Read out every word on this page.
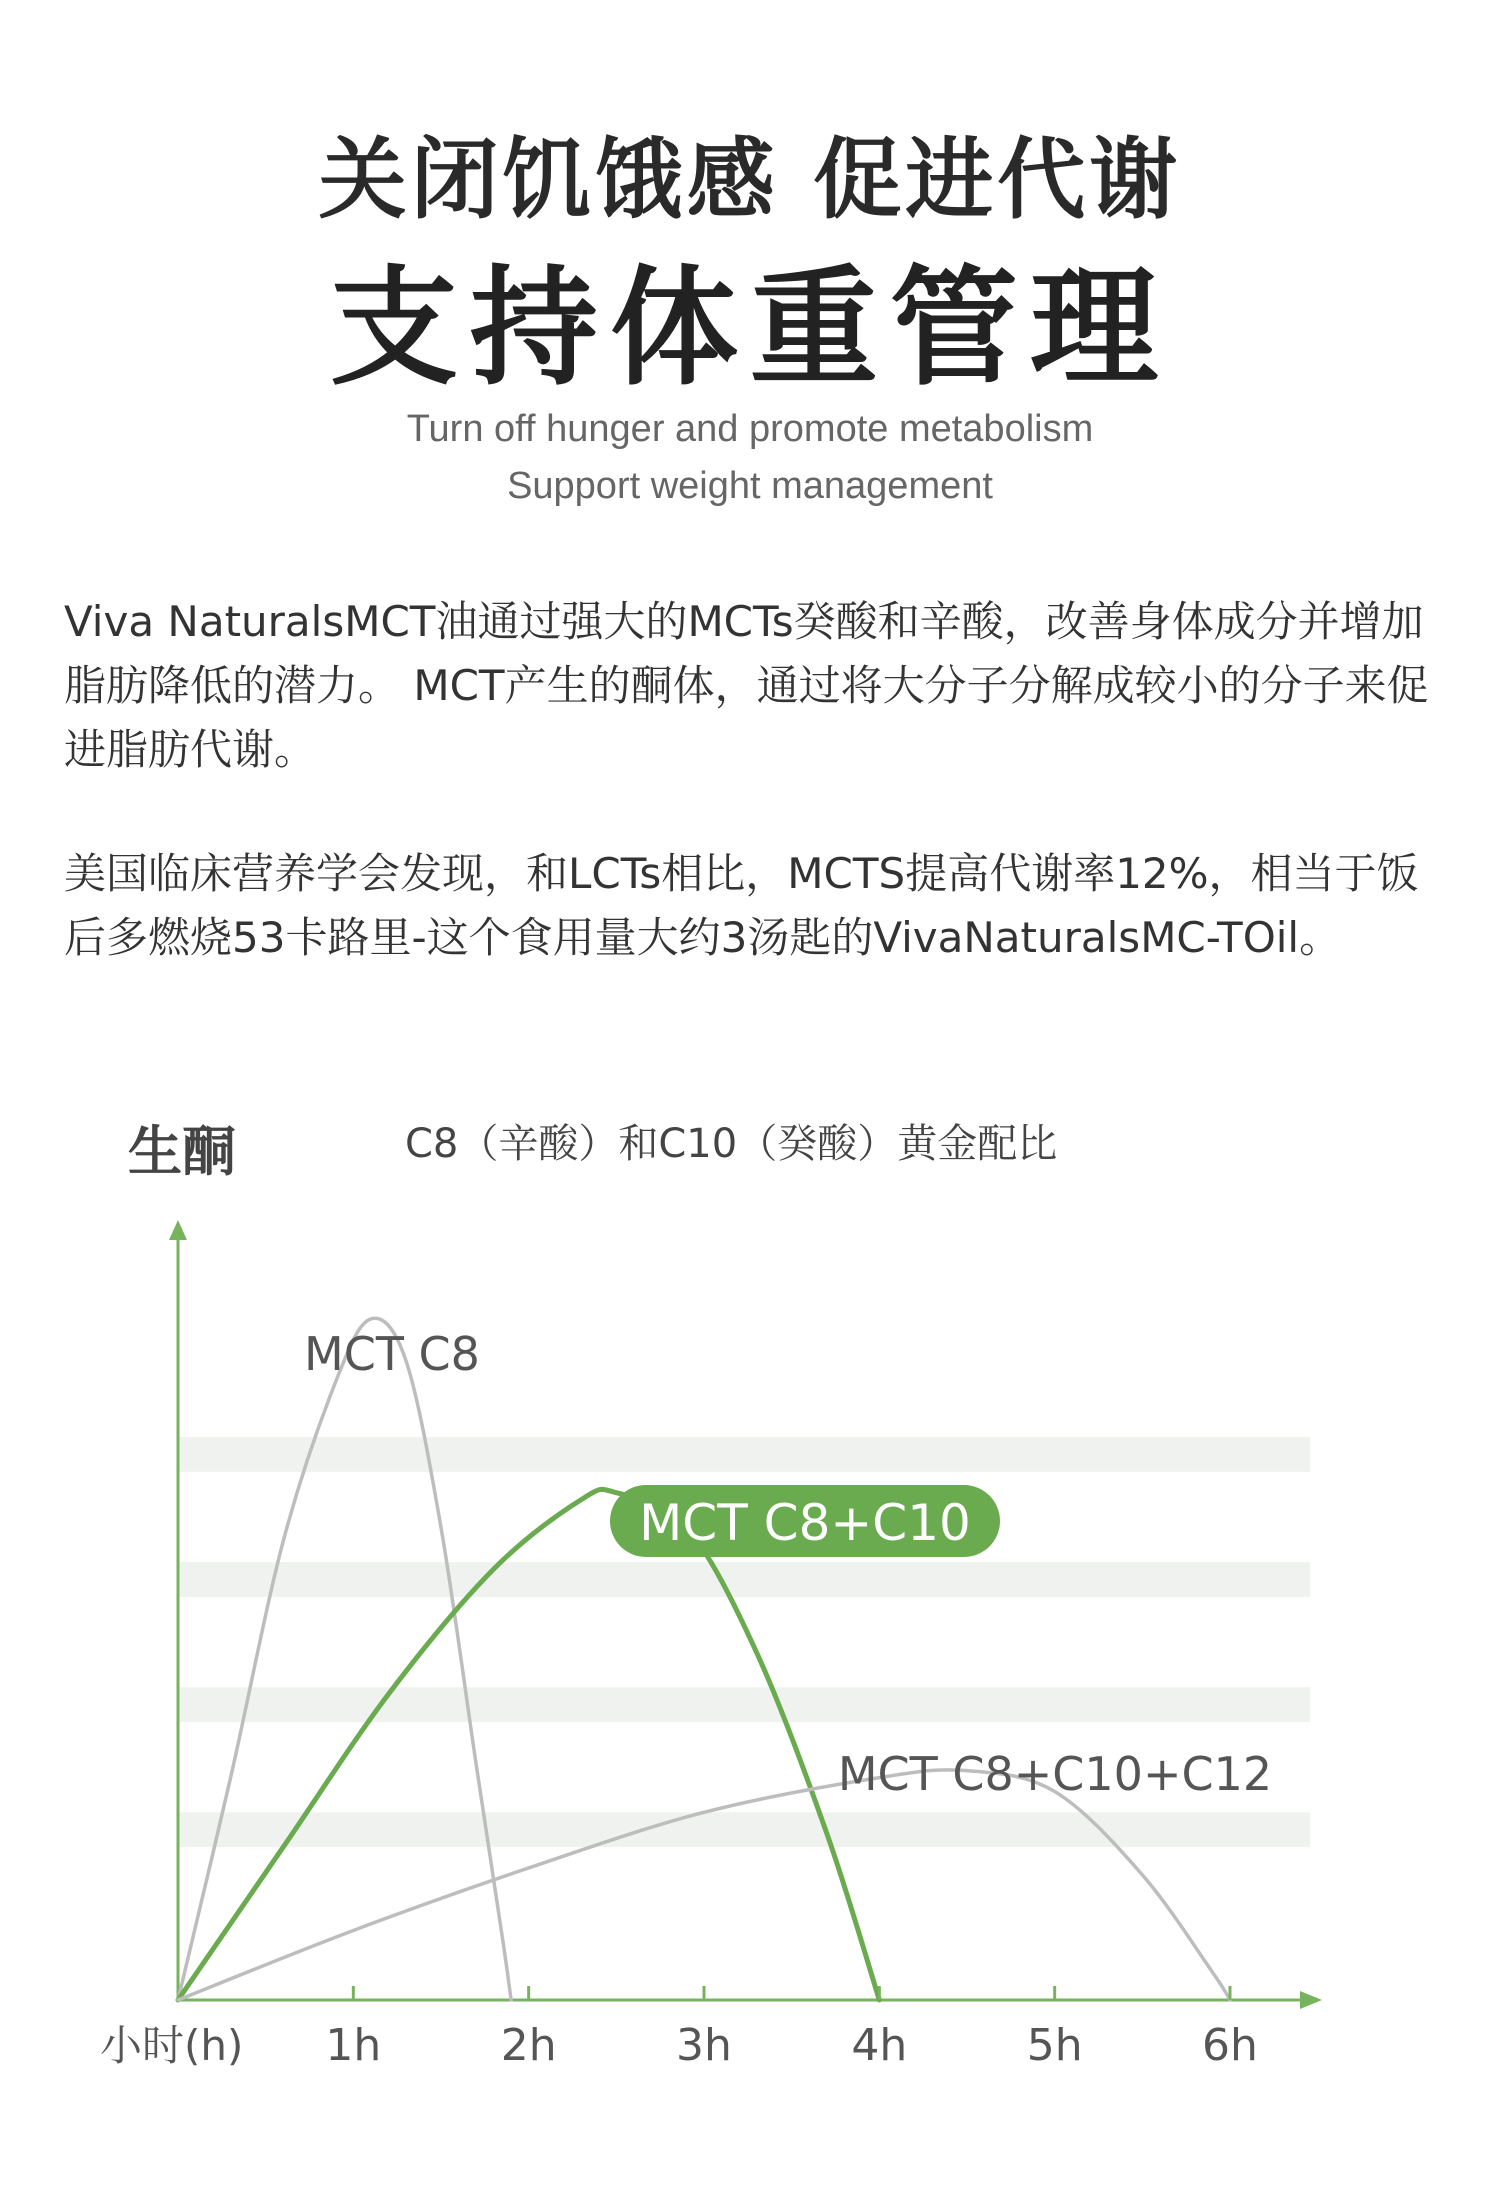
关闭饥饿感 促进代谢
支持体重管理
Turn off hunger and promote metabolism
Support weight management

Viva NaturalsMCT油通过强大的MCTs癸酸和辛酸，改善身体成分并增加脂肪降低的潜力。 MCT产生的酮体，通过将大分子分解成较小的分子来促进脂肪代谢。

美国临床营养学会发现，和LCTs相比，MCTS提高代谢率12%，相当于饭后多燃烧53卡路里-这个食用量大约3汤匙的VivaNaturalsMC-TOil。

生酮	C8（辛酸）和C10（癸酸）黄金配比
MCT C8
MCT C8+C10
MCT C8+C10+C12
1h	2h	3h	4h	5h	6h
小时(h)
